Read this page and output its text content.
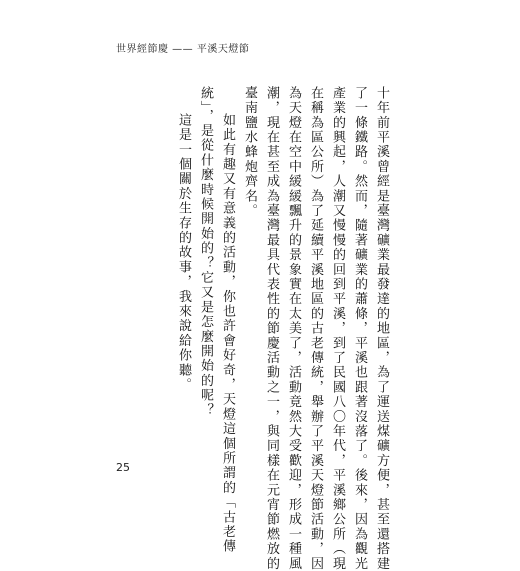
世界經節慶 —— 平溪天燈節
十年前平溪曾經是臺灣礦業最發達的地區，為了運送煤礦方便，甚至還搭建
了一條鐵路。然而，隨著礦業的蕭條，平溪也跟著沒落了。後來，因為觀光
產業的興起，人潮又慢慢的回到平溪，到了民國八〇年代，平溪鄉公所（現
在稱為區公所）為了延續平溪地區的古老傳統，舉辦了平溪天燈節活動，因
為天燈在空中緩緩飄升的景象實在太美了，活動竟然大受歡迎，形成一種風
潮，現在甚至成為臺灣最具代表性的節慶活動之一，與同樣在元宵節燃放的
臺南鹽水蜂炮齊名。
如此有趣又有意義的活動，你也許會好奇，天燈這個所謂的「古老傳
統」，是從什麼時候開始的？它又是怎麼開始的呢？
這是一個關於生存的故事，我來說給你聽。
25
